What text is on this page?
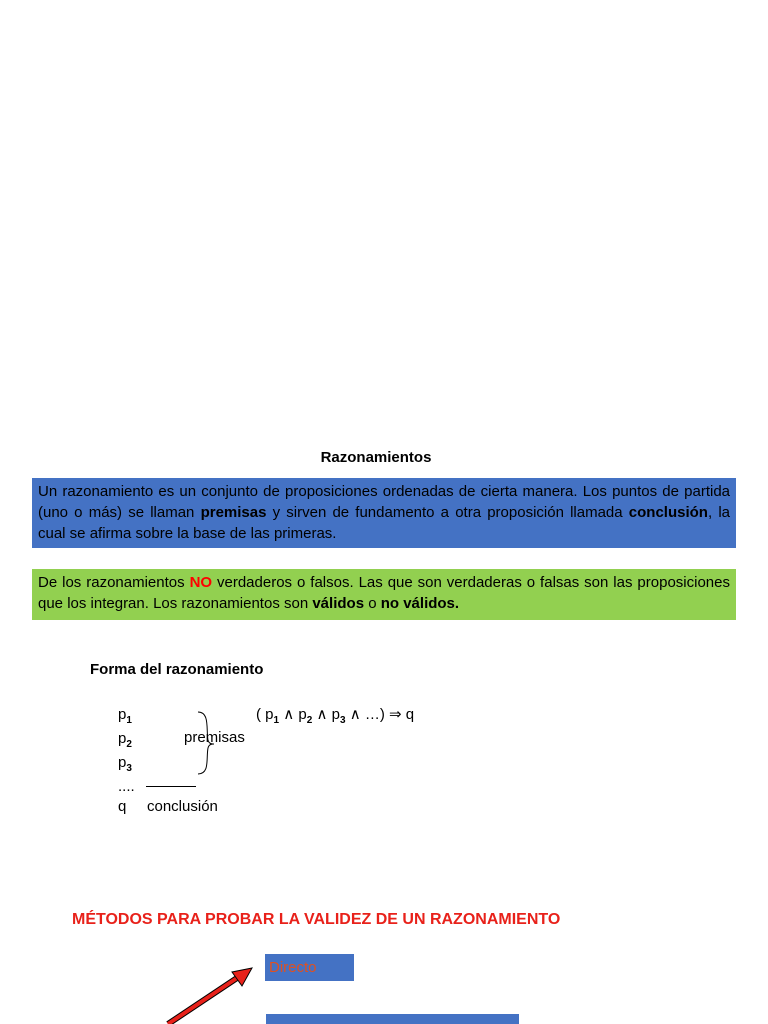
Razonamientos
Un razonamiento es un conjunto de proposiciones ordenadas de cierta manera. Los puntos de partida (uno o más) se llaman premisas y sirven de fundamento a otra proposición llamada conclusión, la cual se afirma sobre la base de las primeras.
De los razonamientos NO verdaderos o falsos. Las que son verdaderas o falsas son las proposiciones que los integran. Los razonamientos son válidos o no válidos.
Forma del razonamiento
$p_1$
$p_2$
$p_3$
....
q
premisas
conclusión
( $p_1$ ∧ $p_2$ ∧ $p_3$ ∧ …) ⇒ q
MÉTODOS PARA PROBAR LA VALIDEZ DE UN RAZONAMIENTO
Directo
